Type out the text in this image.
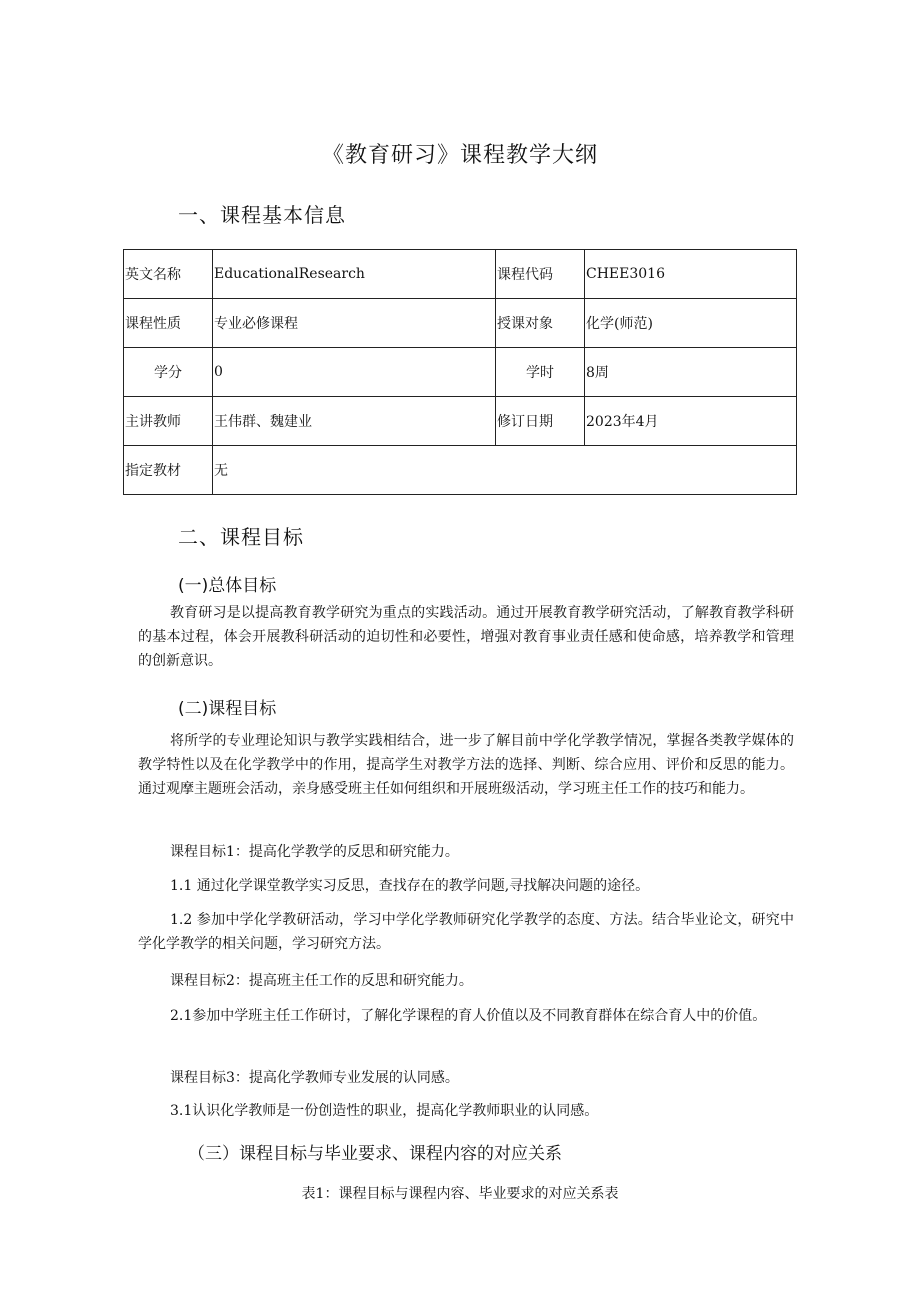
《教育研习》课程教学大纲
一、课程基本信息
英文名称	EducationalResearch	课程代码	CHEE3016
课程性质	专业必修课程	授课对象	化学(师范)
学分	0	学时	8周
主讲教师	王伟群、魏建业	修订日期	2023年4月
指定教材	无		
二、课程目标
(一)总体目标
教育研习是以提高教育教学研究为重点的实践活动。通过开展教育教学研究活动，了解教育教学科研的基本过程，体会开展教科研活动的迫切性和必要性，增强对教育事业责任感和使命感，培养教学和管理的创新意识。
(二)课程目标
将所学的专业理论知识与教学实践相结合，进一步了解目前中学化学教学情况，掌握各类教学媒体的教学特性以及在化学教学中的作用，提高学生对教学方法的选择、判断、综合应用、评价和反思的能力。通过观摩主题班会活动，亲身感受班主任如何组织和开展班级活动，学习班主任工作的技巧和能力。
课程目标1：提高化学教学的反思和研究能力。
1.1 通过化学课堂教学实习反思，查找存在的教学问题,寻找解决问题的途径。
1.2 参加中学化学教研活动，学习中学化学教师研究化学教学的态度、方法。结合毕业论文，研究中学化学教学的相关问题，学习研究方法。
课程目标2：提高班主任工作的反思和研究能力。
2.1参加中学班主任工作研讨，了解化学课程的育人价值以及不同教育群体在综合育人中的价值。
课程目标3：提高化学教师专业发展的认同感。
3.1认识化学教师是一份创造性的职业，提高化学教师职业的认同感。
（三）课程目标与毕业要求、课程内容的对应关系
表1：课程目标与课程内容、毕业要求的对应关系表
